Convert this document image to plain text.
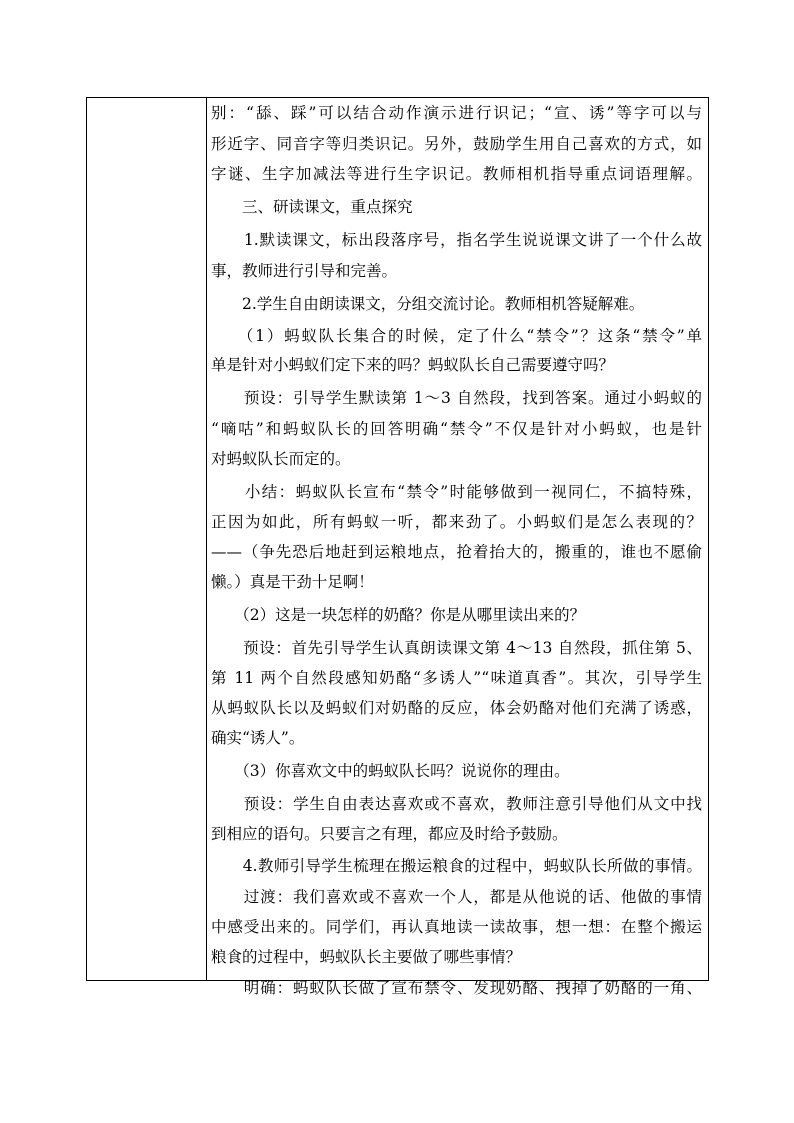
别：“舔、踩”可以结合动作演示进行识记；“宣、诱”等字可以与
形近字、同音字等归类识记。另外，鼓励学生用自己喜欢的方式，如
字谜、生字加减法等进行生字识记。教师相机指导重点词语理解。
　　三、研读课文，重点探究
　　1.默读课文，标出段落序号，指名学生说说课文讲了一个什么故
事，教师进行引导和完善。
　　2.学生自由朗读课文，分组交流讨论。教师相机答疑解难。
　　（1）蚂蚁队长集合的时候，定了什么“禁令”？这条“禁令”单
单是针对小蚂蚁们定下来的吗？蚂蚁队长自己需要遵守吗？
　　预设：引导学生默读第 1～3 自然段，找到答案。通过小蚂蚁的
“嘀咕”和蚂蚁队长的回答明确“禁令”不仅是针对小蚂蚁，也是针
对蚂蚁队长而定的。
　　小结：蚂蚁队长宣布“禁令”时能够做到一视同仁，不搞特殊，
正因为如此，所有蚂蚁一听，都来劲了。小蚂蚁们是怎么表现的？
——（争先恐后地赶到运粮地点，抢着抬大的，搬重的，谁也不愿偷
懒。）真是干劲十足啊！
　　（2）这是一块怎样的奶酪？你是从哪里读出来的？
　　预设：首先引导学生认真朗读课文第 4～13 自然段，抓住第 5、
第 11 两个自然段感知奶酪“多诱人”“味道真香”。其次，引导学生
从蚂蚁队长以及蚂蚁们对奶酪的反应，体会奶酪对他们充满了诱惑，
确实“诱人”。
　　（3）你喜欢文中的蚂蚁队长吗？说说你的理由。
　　预设：学生自由表达喜欢或不喜欢，教师注意引导他们从文中找
到相应的语句。只要言之有理，都应及时给予鼓励。
　　4.教师引导学生梳理在搬运粮食的过程中，蚂蚁队长所做的事情。
　　过渡：我们喜欢或不喜欢一个人，都是从他说的话、他做的事情
中感受出来的。同学们，再认真地读一读故事，想一想：在整个搬运
粮食的过程中，蚂蚁队长主要做了哪些事情？
　　明确：蚂蚁队长做了宣布禁令、发现奶酪、拽掉了奶酪的一角、
